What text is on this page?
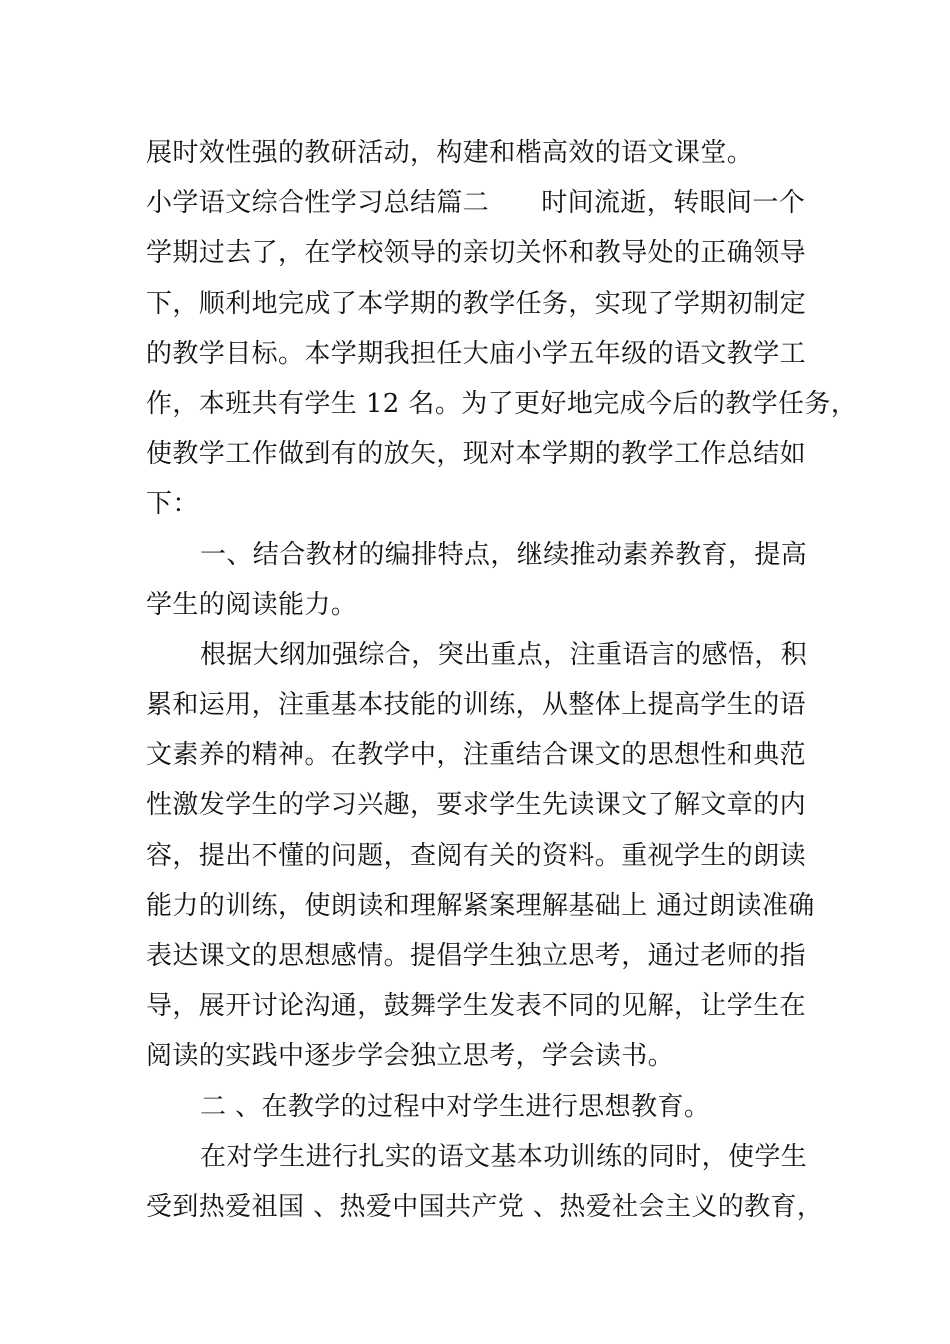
展时效性强的教研活动，构建和楷高效的语文课堂。
小学语文综合性学习总结篇二 时间流逝，转眼间一个
学期过去了，在学校领导的亲切关怀和教导处的正确领导
下，顺利地完成了本学期的教学任务，实现了学期初制定
的教学目标。本学期我担任大庙小学五年级的语文教学工
作，本班共有学生 12 名。为了更好地完成今后的教学任务，
使教学工作做到有的放矢，现对本学期的教学工作总结如
下：
一、结合教材的编排特点，继续推动素养教育，提高
学生的阅读能力。
根据大纲加强综合，突出重点，注重语言的感悟，积
累和运用，注重基本技能的训练，从整体上提高学生的语
文素养的精神。在教学中，注重结合课文的思想性和典范
性激发学生的学习兴趣，要求学生先读课文了解文章的内
容，提出不懂的问题，查阅有关的资料。重视学生的朗读
能力的训练，使朗读和理解紧案理解基础上 通过朗读准确
表达课文的思想感情。提倡学生独立思考，通过老师的指
导，展开讨论沟通，鼓舞学生发表不同的见解，让学生在
阅读的实践中逐步学会独立思考，学会读书。
二 、在教学的过程中对学生进行思想教育。
在对学生进行扎实的语文基本功训练的同时，使学生
受到热爱祖国 、热爱中国共产党 、热爱社会主义的教育，
